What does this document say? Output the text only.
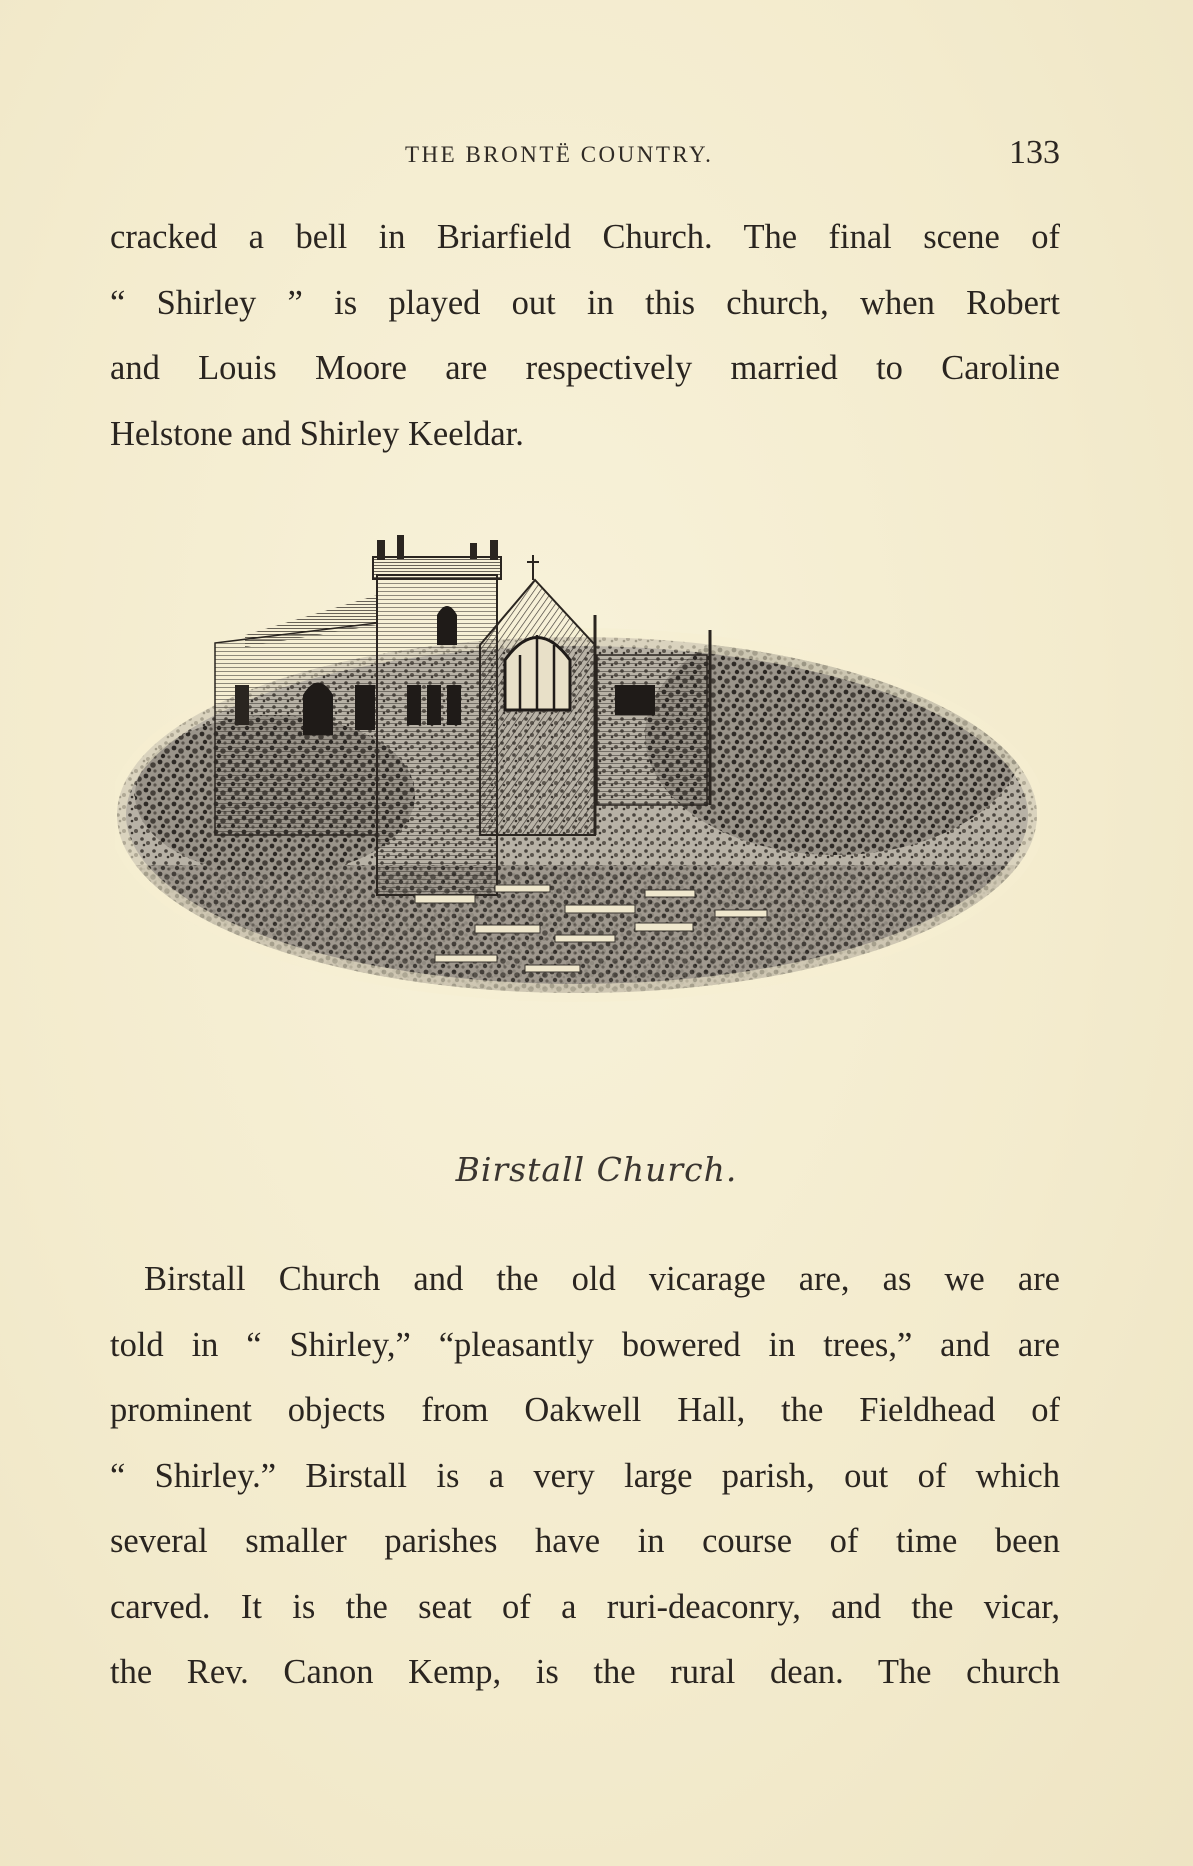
THE BRONTË COUNTRY.	133
cracked a bell in Briarfield Church. The final scene of
“ Shirley ” is played out in this church, when Robert
and Louis Moore are respectively married to Caroline
Helstone and Shirley Keeldar.
Birstall Church.
Birstall Church and the old vicarage are, as we are
told in “ Shirley,” “pleasantly bowered in trees,” and are
prominent objects from Oakwell Hall, the Fieldhead of
“ Shirley.” Birstall is a very large parish, out of which
several smaller parishes have in course of time been
carved. It is the seat of a ruri-deaconry, and the vicar,
the Rev. Canon Kemp, is the rural dean. The church
